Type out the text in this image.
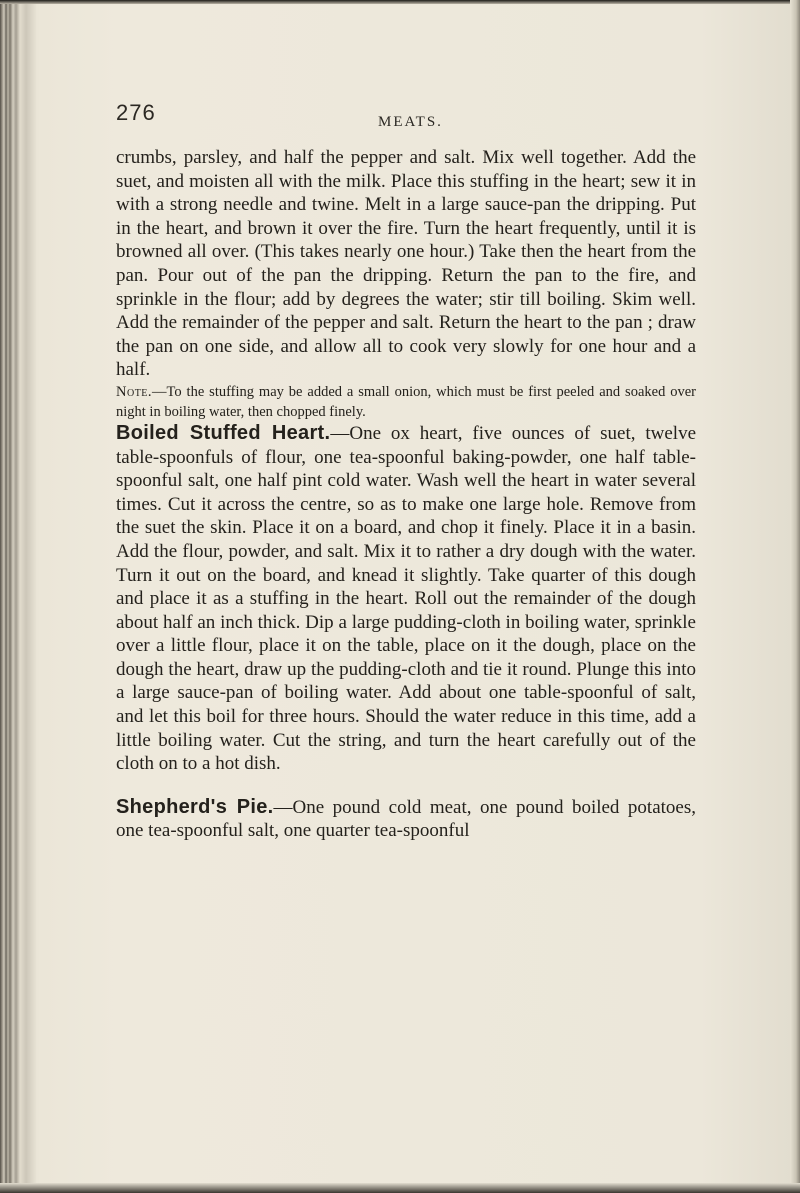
276	MEATS.

crumbs, parsley, and half the pepper and salt. Mix well together. Add the suet, and moisten all with the milk. Place this stuffing in the heart; sew it in with a strong needle and twine. Melt in a large sauce-pan the dripping. Put in the heart, and brown it over the fire. Turn the heart frequently, until it is browned all over. (This takes nearly one hour.) Take then the heart from the pan. Pour out of the pan the dripping. Return the pan to the fire, and sprinkle in the flour; add by degrees the water; stir till boiling. Skim well. Add the remainder of the pepper and salt. Return the heart to the pan ; draw the pan on one side, and allow all to cook very slowly for one hour and a half.

Note.—To the stuffing may be added a small onion, which must be first peeled and soaked over night in boiling water, then chopped finely.

Boiled Stuffed Heart.—One ox heart, five ounces of suet, twelve table-spoonfuls of flour, one tea-spoonful baking-powder, one half table-spoonful salt, one half pint cold water. Wash well the heart in water several times. Cut it across the centre, so as to make one large hole. Remove from the suet the skin. Place it on a board, and chop it finely. Place it in a basin. Add the flour, powder, and salt. Mix it to rather a dry dough with the water. Turn it out on the board, and knead it slightly. Take quarter of this dough and place it as a stuffing in the heart. Roll out the remainder of the dough about half an inch thick. Dip a large pudding-cloth in boiling water, sprinkle over a little flour, place it on the table, place on it the dough, place on the dough the heart, draw up the pudding-cloth and tie it round. Plunge this into a large sauce-pan of boiling water. Add about one table-spoonful of salt, and let this boil for three hours. Should the water reduce in this time, add a little boiling water. Cut the string, and turn the heart carefully out of the cloth on to a hot dish.

Shepherd's Pie.—One pound cold meat, one pound boiled potatoes, one tea-spoonful salt, one quarter tea-spoonful
